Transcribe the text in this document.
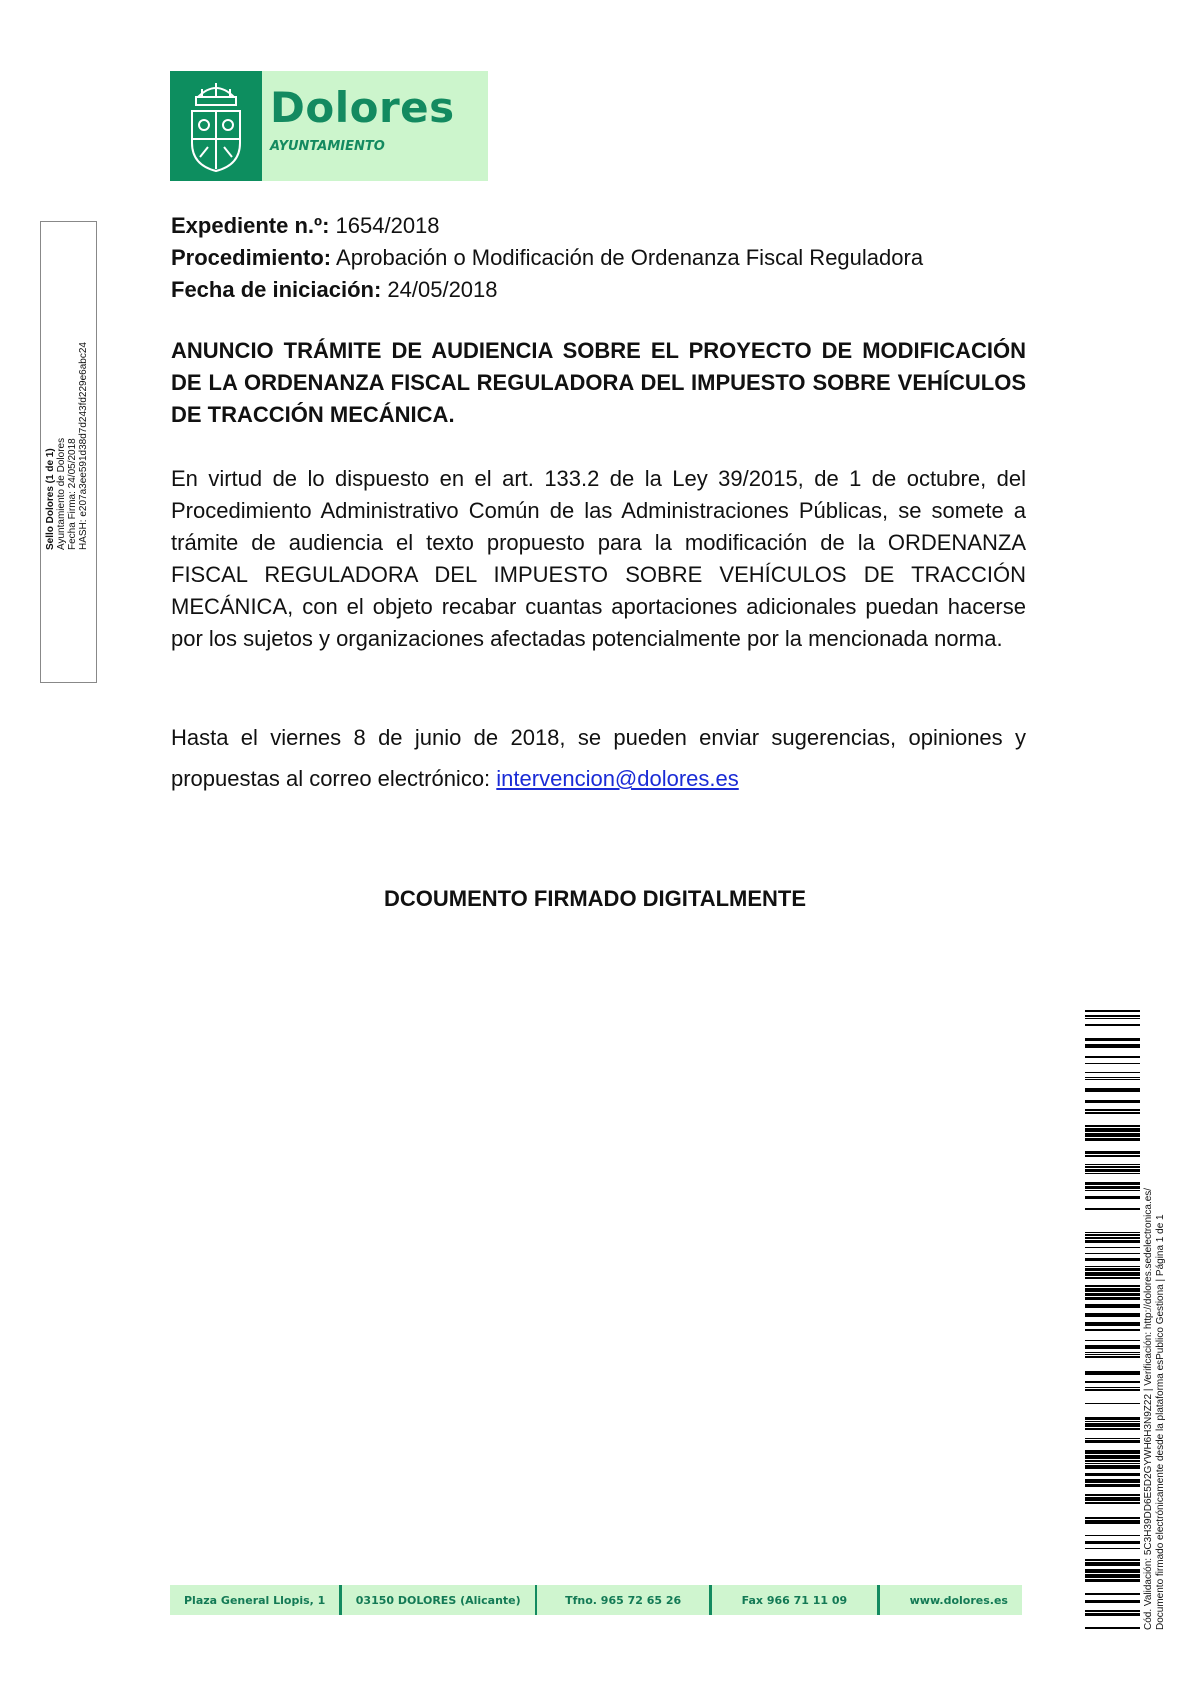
Dolores
AYUNTAMIENTO
Sello Dolores (1 de 1) Ayuntamiento de Dolores Fecha Firma: 24/05/2018 HASH: e207a3ee591d38d7d243fd229e6abc24
Expediente n.º: 1654/2018
Procedimiento: Aprobación o Modificación de Ordenanza Fiscal Reguladora
Fecha de iniciación: 24/05/2018
ANUNCIO TRÁMITE DE AUDIENCIA SOBRE EL PROYECTO DE MODIFICACIÓN DE LA ORDENANZA FISCAL REGULADORA DEL IMPUESTO SOBRE VEHÍCULOS DE TRACCIÓN MECÁNICA.
En virtud de lo dispuesto en el art. 133.2 de la Ley 39/2015, de 1 de octubre, del Procedimiento Administrativo Común de las Administraciones Públicas, se somete a trámite de audiencia el texto propuesto para la modificación de la ORDENANZA FISCAL REGULADORA DEL IMPUESTO SOBRE VEHÍCULOS DE TRACCIÓN MECÁNICA, con el objeto recabar cuantas aportaciones adicionales puedan hacerse por los sujetos y organizaciones afectadas potencialmente por la mencionada norma.
Hasta el viernes 8 de junio de 2018, se pueden enviar sugerencias, opiniones y propuestas al correo electrónico: intervencion@dolores.es
DCOUMENTO FIRMADO DIGITALMENTE
Plaza General Llopis, 1	03150 DOLORES (Alicante)	Tfno. 965 72 65 26	Fax 966 71 11 09	www.dolores.es	Cód. Validación: 5C3H39DD6E5D2GYWH6H3N9Z22 | Verificación: http://dolores.sedelectronica.es/ Documento firmado electrónicamente desde la plataforma esPublico Gestiona | Página 1 de 1
